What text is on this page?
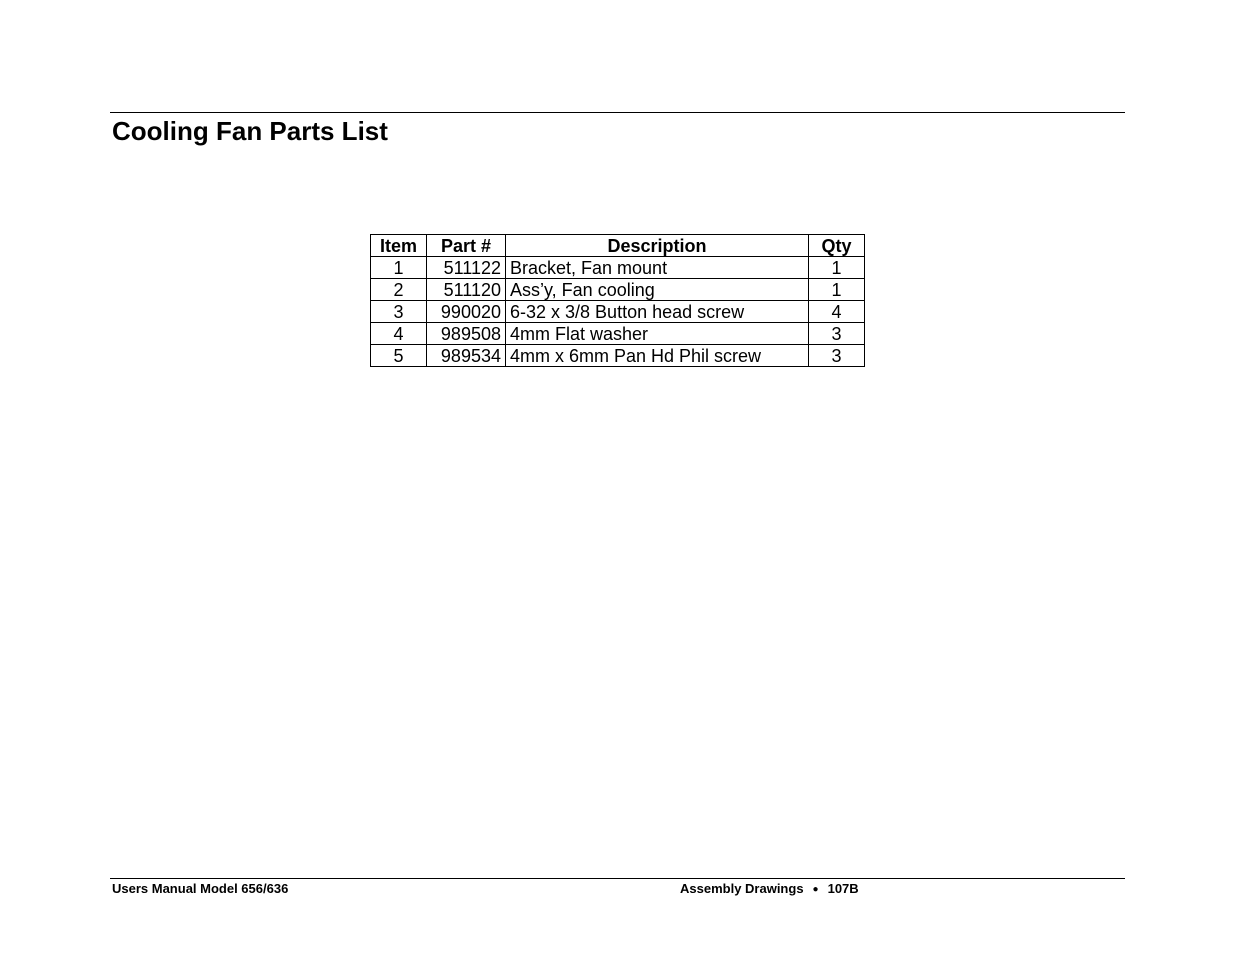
Cooling Fan Parts List
Item	Part #	Description	Qty
1	511122	Bracket, Fan mount	1
2	511120	Ass’y, Fan cooling	1
3	990020	6-32 x 3/8 Button head screw	4
4	989508	4mm Flat washer	3
5	989534	4mm x 6mm Pan Hd Phil screw	3
Users Manual Model 656/636	Assembly Drawings ● 107B
